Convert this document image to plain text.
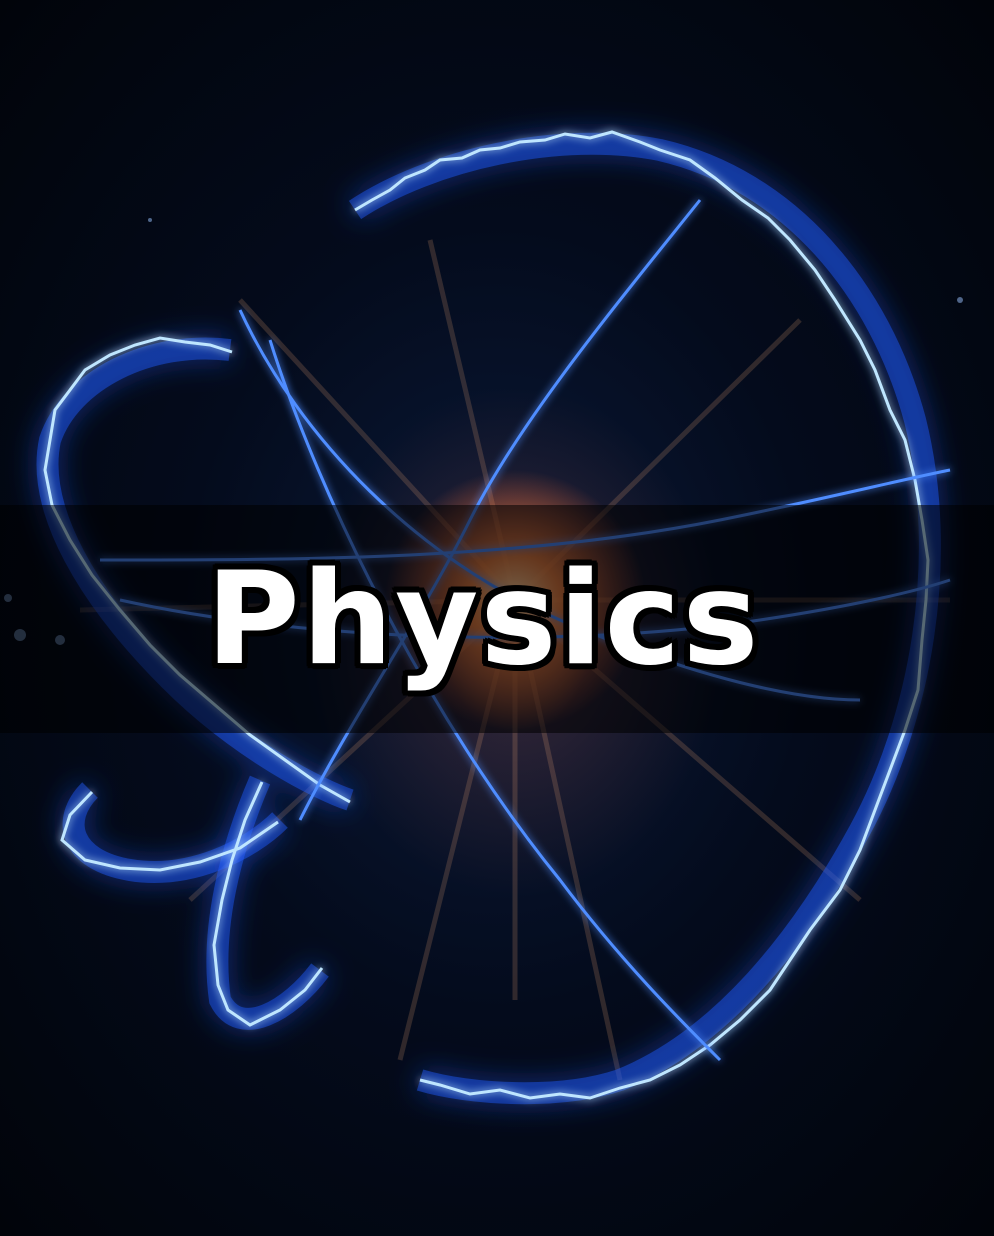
Physics
